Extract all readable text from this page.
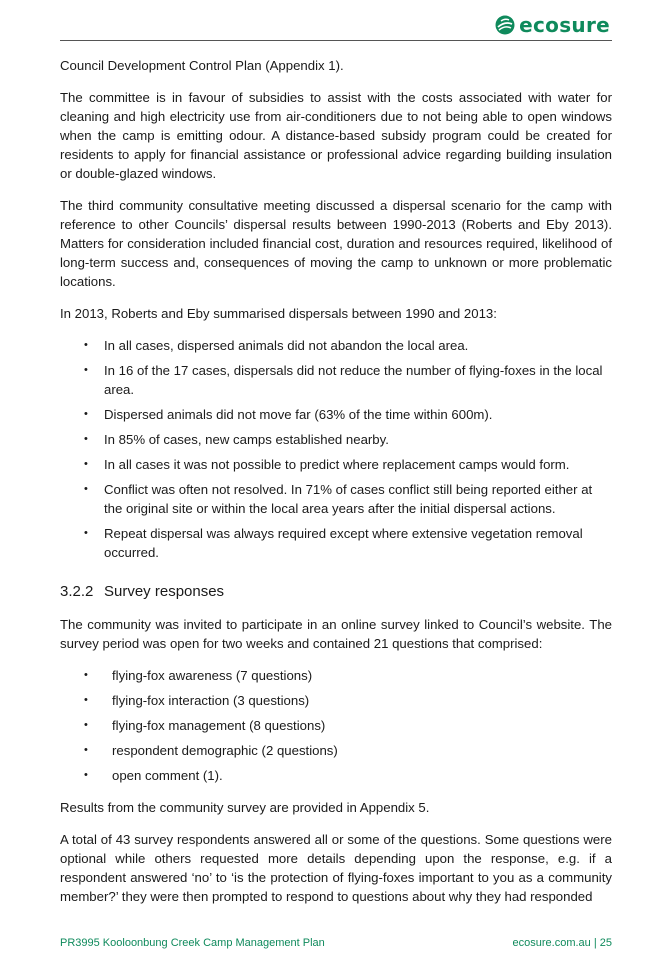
ecosure

Council Development Control Plan (Appendix 1).

The committee is in favour of subsidies to assist with the costs associated with water for cleaning and high electricity use from air-conditioners due to not being able to open windows when the camp is emitting odour. A distance-based subsidy program could be created for residents to apply for financial assistance or professional advice regarding building insulation or double-glazed windows.

The third community consultative meeting discussed a dispersal scenario for the camp with reference to other Councils’ dispersal results between 1990-2013 (Roberts and Eby 2013). Matters for consideration included financial cost, duration and resources required, likelihood of long-term success and, consequences of moving the camp to unknown or more problematic locations.

In 2013, Roberts and Eby summarised dispersals between 1990 and 2013:

• In all cases, dispersed animals did not abandon the local area.
• In 16 of the 17 cases, dispersals did not reduce the number of flying-foxes in the local area.
• Dispersed animals did not move far (63% of the time within 600m).
• In 85% of cases, new camps established nearby.
• In all cases it was not possible to predict where replacement camps would form.
• Conflict was often not resolved. In 71% of cases conflict still being reported either at the original site or within the local area years after the initial dispersal actions.
• Repeat dispersal was always required except where extensive vegetation removal occurred.
3.2.2 Survey responses

The community was invited to participate in an online survey linked to Council’s website. The survey period was open for two weeks and contained 21 questions that comprised:

• flying-fox awareness (7 questions)
• flying-fox interaction (3 questions)
• flying-fox management (8 questions)
• respondent demographic (2 questions)
• open comment (1).

Results from the community survey are provided in Appendix 5.

A total of 43 survey respondents answered all or some of the questions. Some questions were optional while others requested more details depending upon the response, e.g. if a respondent answered ‘no’ to ‘is the protection of flying-foxes important to you as a community member?’ they were then prompted to respond to questions about why they had responded

PR3995 Kooloonbung Creek Camp Management Plan	ecosure.com.au | 25
